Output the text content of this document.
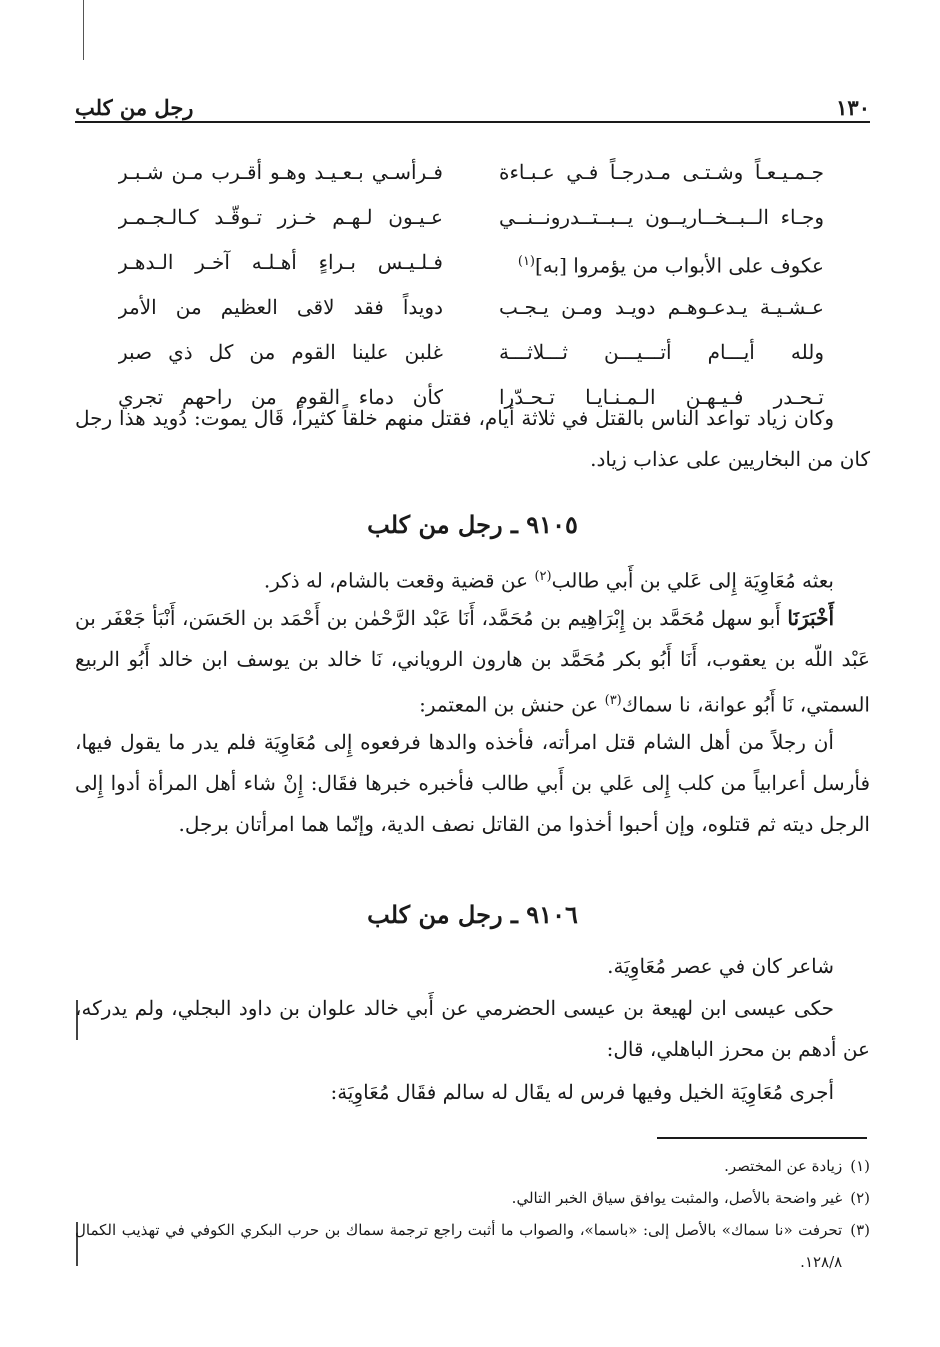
١٣٠
رجل من كلب
جـمـيـعـاً وشـتـى مـدرجـاً فـي عـبـاءة
فـرأسـي بـعـيـد وهـو أقـرب مـن شـبـر
وجـاء الــبــخــاريــون يــبــتــدرونــنــي
عـيـون لـهـم خـزر تـوقّـد كـالـجـمـر
عكوف على الأبواب من يؤمروا [به]$^{(١)}$
فـلـيـس بـراءٍ أهـلـه آخـر الـدهـر
عـشـيـة يـدعـوهـم دويـد ومـن يـجـب
دويداً فقد لاقى العظيم من الأمر
ولله أيـــام أتـــيـــن ثـــلاثـــة
غلبن علينا القوم من كل ذي صبر
تـحـدر فـيـهـن الـمـنـايـا تـحـدّرا
كأن دماء القوم من راحهم تجري

وكان زياد تواعد الناس بالقتل في ثلاثة أيام، فقتل منهم خلقاً كثيراً، قَال يموت: دُويد هذا رجل كان من البخاريين على عذاب زياد.

٩١٠٥ ـ رجل من كلب

بعثه مُعَاوِيَة إِلى عَلي بن أَبي طالب$^{(٢)}$ عن قضية وقعت بالشام، له ذكر.

أَخْبَرَنَا أَبو سهل مُحَمَّد بن إِبْرَاهِيم بن مُحَمَّد، أَنَا عَبْد الرَّحْمٰن بن أَحْمَد بن الحَسَن، أَنْبَأ جَعْفَر بن عَبْد اللّه بن يعقوب، أَنَا أَبُو بكر مُحَمَّد بن هارون الروياني، نَا خالد بن يوسف ابن خالد أَبُو الربيع السمتي، نَا أَبُو عوانة، نا سماك$^{(٣)}$ عن حنش بن المعتمر:

أن رجلاً من أهل الشام قتل امرأته، فأخذه والدها فرفعوه إِلى مُعَاوِيَة فلم يدر ما يقول فيها، فأرسل أعرابياً من كلب إِلى عَلي بن أَبي طالب فأخبره خبرها فقَال: إِنْ شاء أهل المرأة أدوا إِلى الرجل ديته ثم قتلوه، وإن أحبوا أخذوا من القاتل نصف الدية، وإنّما هما امرأتان برجل.

٩١٠٦ ـ رجل من كلب

شاعر كان في عصر مُعَاوِيَة.

حكى عيسى ابن لهيعة بن عيسى الحضرمي عن أَبي خالد علوان بن داود البجلي، ولم يدركه، عن أدهم بن محرز الباهلي، قال:

أجرى مُعَاوِيَة الخيل وفيها فرس له يقَال له سالم فقَال مُعَاوِيَة:

(١)
زيادة عن المختصر.
(٢)
غير واضحة بالأصل، والمثبت يوافق سياق الخبر التالي.
(٣)
تحرفت «نا سماك» بالأصل إلى: «باسما»، والصواب ما أثبت راجع ترجمة سماك بن حرب البكري الكوفي في تهذيب الكمال ١٢٨/٨.
